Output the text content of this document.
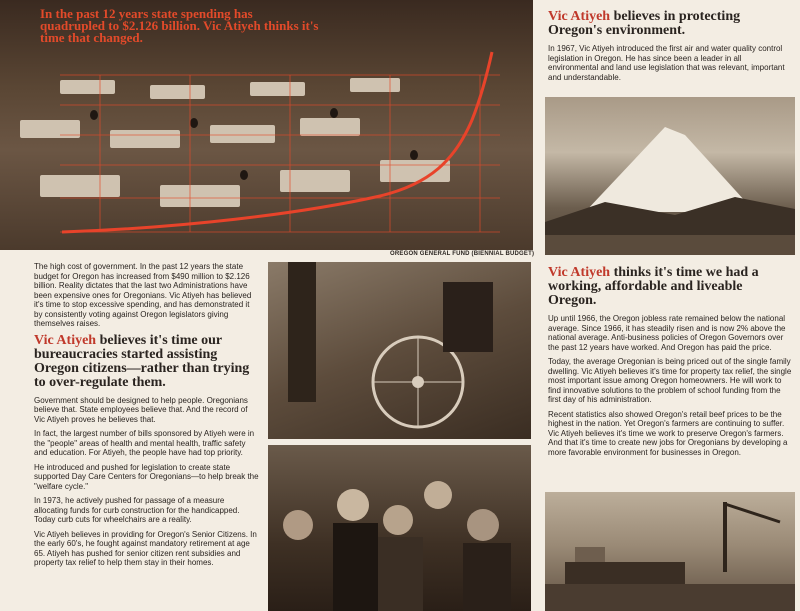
In the past 12 years state spending has quadrupled to $2.126 billion. Vic Atiyeh thinks it's time that changed.
OREGON GENERAL FUND (BIENNIAL BUDGET)

The high cost of government. In the past 12 years the state budget for Oregon has increased from $490 million to $2.126 billion. Reality dictates that the last two Administrations have been expensive ones for Oregonians. Vic Atiyeh has believed it's time to stop excessive spending, and has demonstrated it by consistently voting against Oregon legislators giving themselves raises.

Vic Atiyeh believes it's time our bureaucracies started assisting Oregon citizens—rather than trying to over-regulate them.

Government should be designed to help people. Oregonians believe that. State employees believe that. And the record of Vic Atiyeh proves he believes that.

In fact, the largest number of bills sponsored by Atiyeh were in the "people" areas of health and mental health, traffic safety and education. For Atiyeh, the people have had top priority.

He introduced and pushed for legislation to create state supported Day Care Centers for Oregonians—to help break the "welfare cycle."

In 1973, he actively pushed for passage of a measure allocating funds for curb construction for the handicapped. Today curb cuts for wheelchairs are a reality.

Vic Atiyeh believes in providing for Oregon's Senior Citizens. In the early 60's, he fought against mandatory retirement at age 65. Atiyeh has pushed for senior citizen rent subsidies and property tax relief to help them stay in their homes.

Vic Atiyeh believes in protecting Oregon's environment.

In 1967, Vic Atiyeh introduced the first air and water quality control legislation in Oregon. He has since been a leader in all environmental and land use legislation that was relevant, important and understandable.

Vic Atiyeh thinks it's time we had a working, affordable and liveable Oregon.

Up until 1966, the Oregon jobless rate remained below the national average. Since 1966, it has steadily risen and is now 2% above the national average. Anti-business policies of Oregon Governors over the past 12 years have worked. And Oregon has paid the price.

Today, the average Oregonian is being priced out of the single family dwelling. Vic Atiyeh believes it's time for property tax relief, the single most important issue among Oregon homeowners. He will work to find innovative solutions to the problem of school funding from the first day of his administration.

Recent statistics also showed Oregon's retail beef prices to be the highest in the nation. Yet Oregon's farmers are continuing to suffer. Vic Atiyeh believes it's time we work to preserve Oregon's farmers. And that it's time to create new jobs for Oregonians by developing a more favorable environment for businesses in Oregon.
